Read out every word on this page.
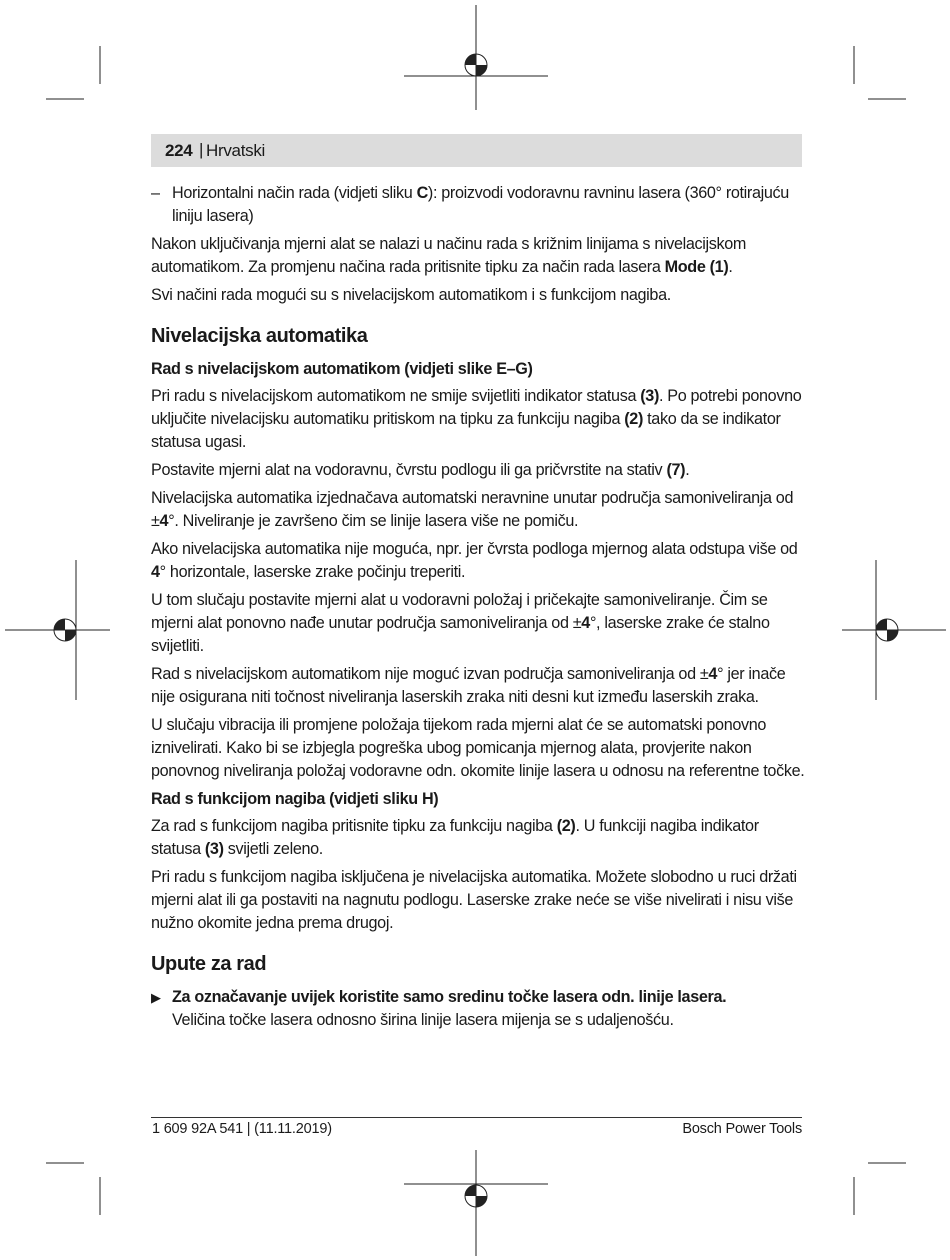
224 | Hrvatski
– Horizontalni način rada (vidjeti sliku C): proizvodi vodoravnu ravninu lasera (360° rotirajuću liniju lasera)

Nakon uključivanja mjerni alat se nalazi u načinu rada s križnim linijama s nivelacijskom automatikom. Za promjenu načina rada pritisnite tipku za način rada lasera Mode (1).

Svi načini rada mogući su s nivelacijskom automatikom i s funkcijom nagiba.

Nivelacijska automatika
Rad s nivelacijskom automatikom (vidjeti slike E–G)

Pri radu s nivelacijskom automatikom ne smije svijetliti indikator statusa (3). Po potrebi ponovno uključite nivelacijsku automatiku pritiskom na tipku za funkciju nagiba (2) tako da se indikator statusa ugasi.

Postavite mjerni alat na vodoravnu, čvrstu podlogu ili ga pričvrstite na stativ (7).

Nivelacijska automatika izjednačava automatski neravnine unutar područja samoniveliranja od ±4°. Niveliranje je završeno čim se linije lasera više ne pomiču.

Ako nivelacijska automatika nije moguća, npr. jer čvrsta podloga mjernog alata odstupa više od 4° horizontale, laserske zrake počinju treperiti.

U tom slučaju postavite mjerni alat u vodoravni položaj i pričekajte samoniveliranje. Čim se mjerni alat ponovno nađe unutar područja samoniveliranja od ±4°, laserske zrake će stalno svijetliti.

Rad s nivelacijskom automatikom nije moguć izvan područja samoniveliranja od ±4° jer inače nije osigurana niti točnost niveliranja laserskih zraka niti desni kut između laserskih zraka.

U slučaju vibracija ili promjene položaja tijekom rada mjerni alat će se automatski ponovno iznivelirati. Kako bi se izbjegla pogreška ubog pomicanja mjernog alata, provjerite nakon ponovnog niveliranja položaj vodoravne odn. okomite linije lasera u odnosu na referentne točke.

Rad s funkcijom nagiba (vidjeti sliku H)

Za rad s funkcijom nagiba pritisnite tipku za funkciju nagiba (2). U funkciji nagiba indikator statusa (3) svijetli zeleno.

Pri radu s funkcijom nagiba isključena je nivelacijska automatika. Možete slobodno u ruci držati mjerni alat ili ga postaviti na nagnutu podlogu. Laserske zrake neće se više nivelirati i nisu više nužno okomite jedna prema drugoj.

Upute za rad
▶ Za označavanje uvijek koristite samo sredinu točke lasera odn. linije lasera.
Veličina točke lasera odnosno širina linije lasera mijenja se s udaljenošću.
1 609 92A 541 | (11.11.2019)	Bosch Power Tools
